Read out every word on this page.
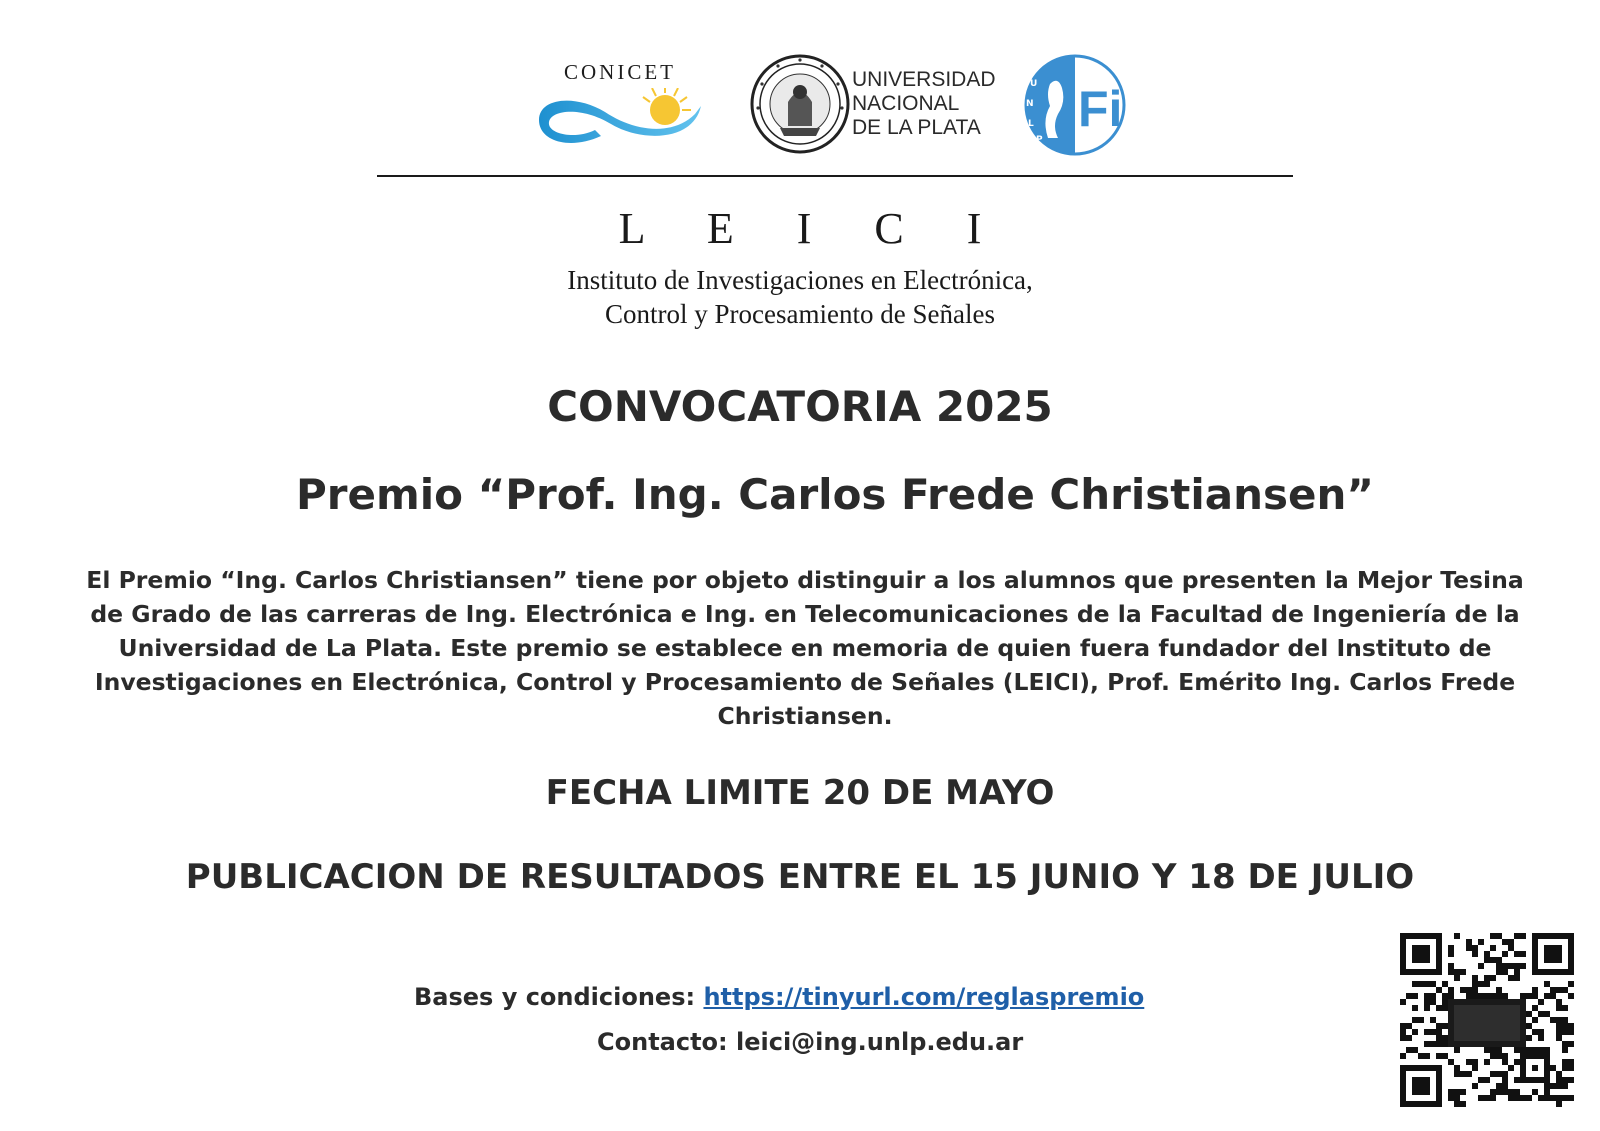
CONICET	UNIVERSIDAD
NACIONAL
DE LA PLATA
U
N
L
P
Fi
L E I C I
Instituto de Investigaciones en Electrónica,
Control y Procesamiento de Señales
CONVOCATORIA 2025
Premio “Prof. Ing. Carlos Frede Christiansen”
El Premio “Ing. Carlos Christiansen” tiene por objeto distinguir a los alumnos que presenten la Mejor Tesina de Grado de las carreras de Ing. Electrónica e Ing. en Telecomunicaciones de la Facultad de Ingeniería de la Universidad de La Plata. Este premio se establece en memoria de quien fuera fundador del Instituto de Investigaciones en Electrónica, Control y Procesamiento de Señales (LEICI), Prof. Emérito Ing. Carlos Frede Christiansen.
FECHA LIMITE 20 DE MAYO
PUBLICACION DE RESULTADOS ENTRE EL 15 JUNIO Y 18 DE JULIO
Bases y condiciones: https://tinyurl.com/reglaspremio
Contacto: leici@ing.unlp.edu.ar
